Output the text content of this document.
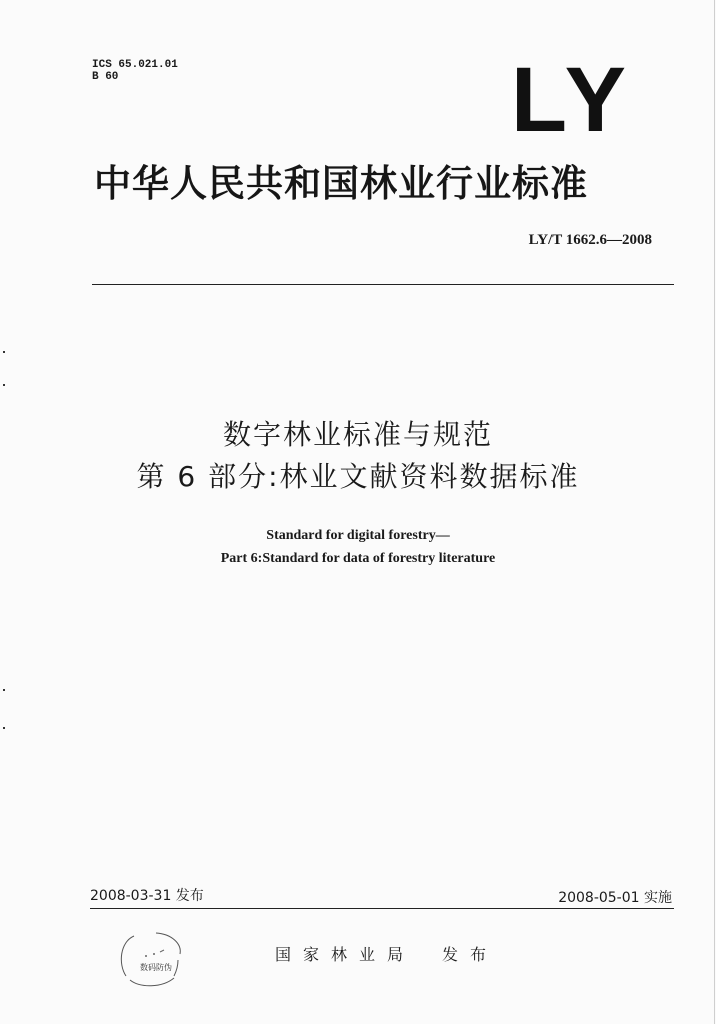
ICS 65.021.01
B 60	LY
中华人民共和国林业行业标准
LY/T 1662.6—2008
数字林业标准与规范
第 6 部分:林业文献资料数据标准
Standard for digital forestry—
Part 6:Standard for data of forestry literature
2008-03-31 发布	2008-05-01 实施
数码防伪
国家林业局 发布
